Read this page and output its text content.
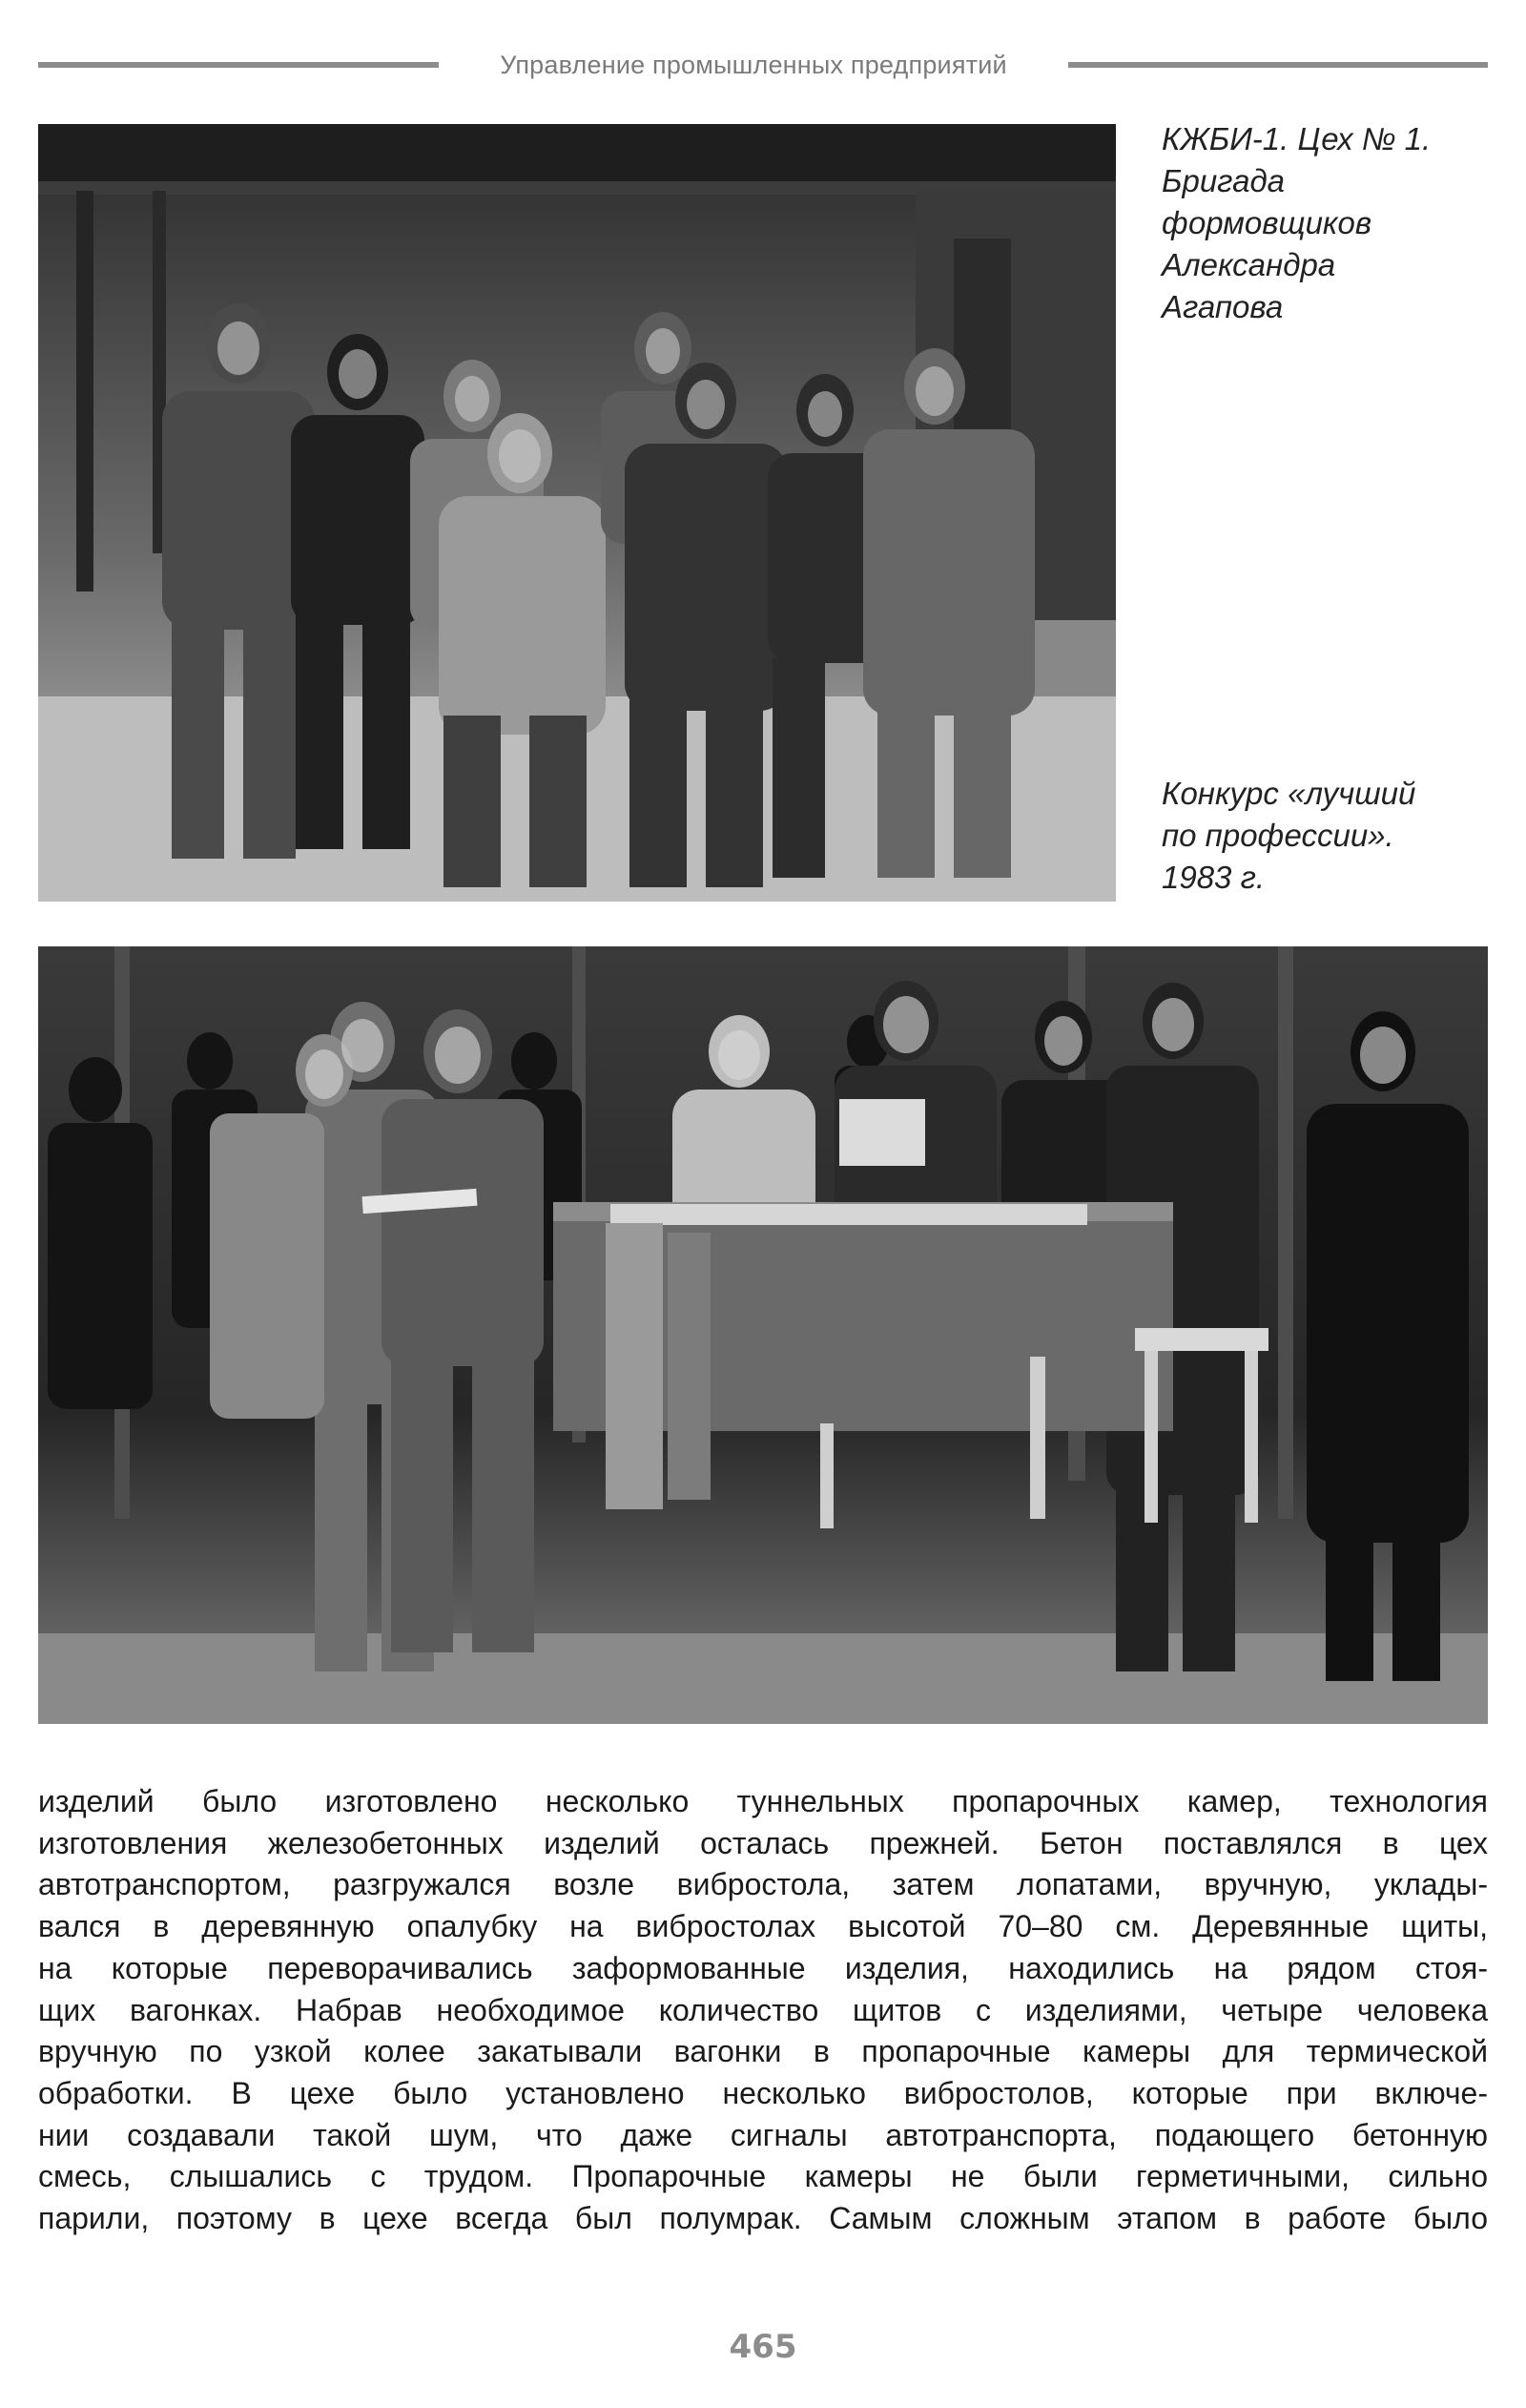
Управление промышленных предприятий
КЖБИ-1. Цех № 1.
Бригада
формовщиков
Александра
Агапова
Конкурс «лучший
по профессии».
1983 г.
изделий было изготовлено несколько туннельных пропарочных камер, технология
изготовления железобетонных изделий осталась прежней. Бетон поставлялся в цех
автотранспортом, разгружался возле вибростола, затем лопатами, вручную, уклады-
вался в деревянную опалубку на вибростолах высотой 70–80 см. Деревянные щиты,
на которые переворачивались заформованные изделия, находились на рядом стоя-
щих вагонках. Набрав необходимое количество щитов с изделиями, четыре человека
вручную по узкой колее закатывали вагонки в пропарочные камеры для термической
обработки. В цехе было установлено несколько вибростолов, которые при включе-
нии создавали такой шум, что даже сигналы автотранспорта, подающего бетонную
смесь, слышались с трудом. Пропарочные камеры не были герметичными, сильно
парили, поэтому в цехе всегда был полумрак. Самым сложным этапом в работе было
465
